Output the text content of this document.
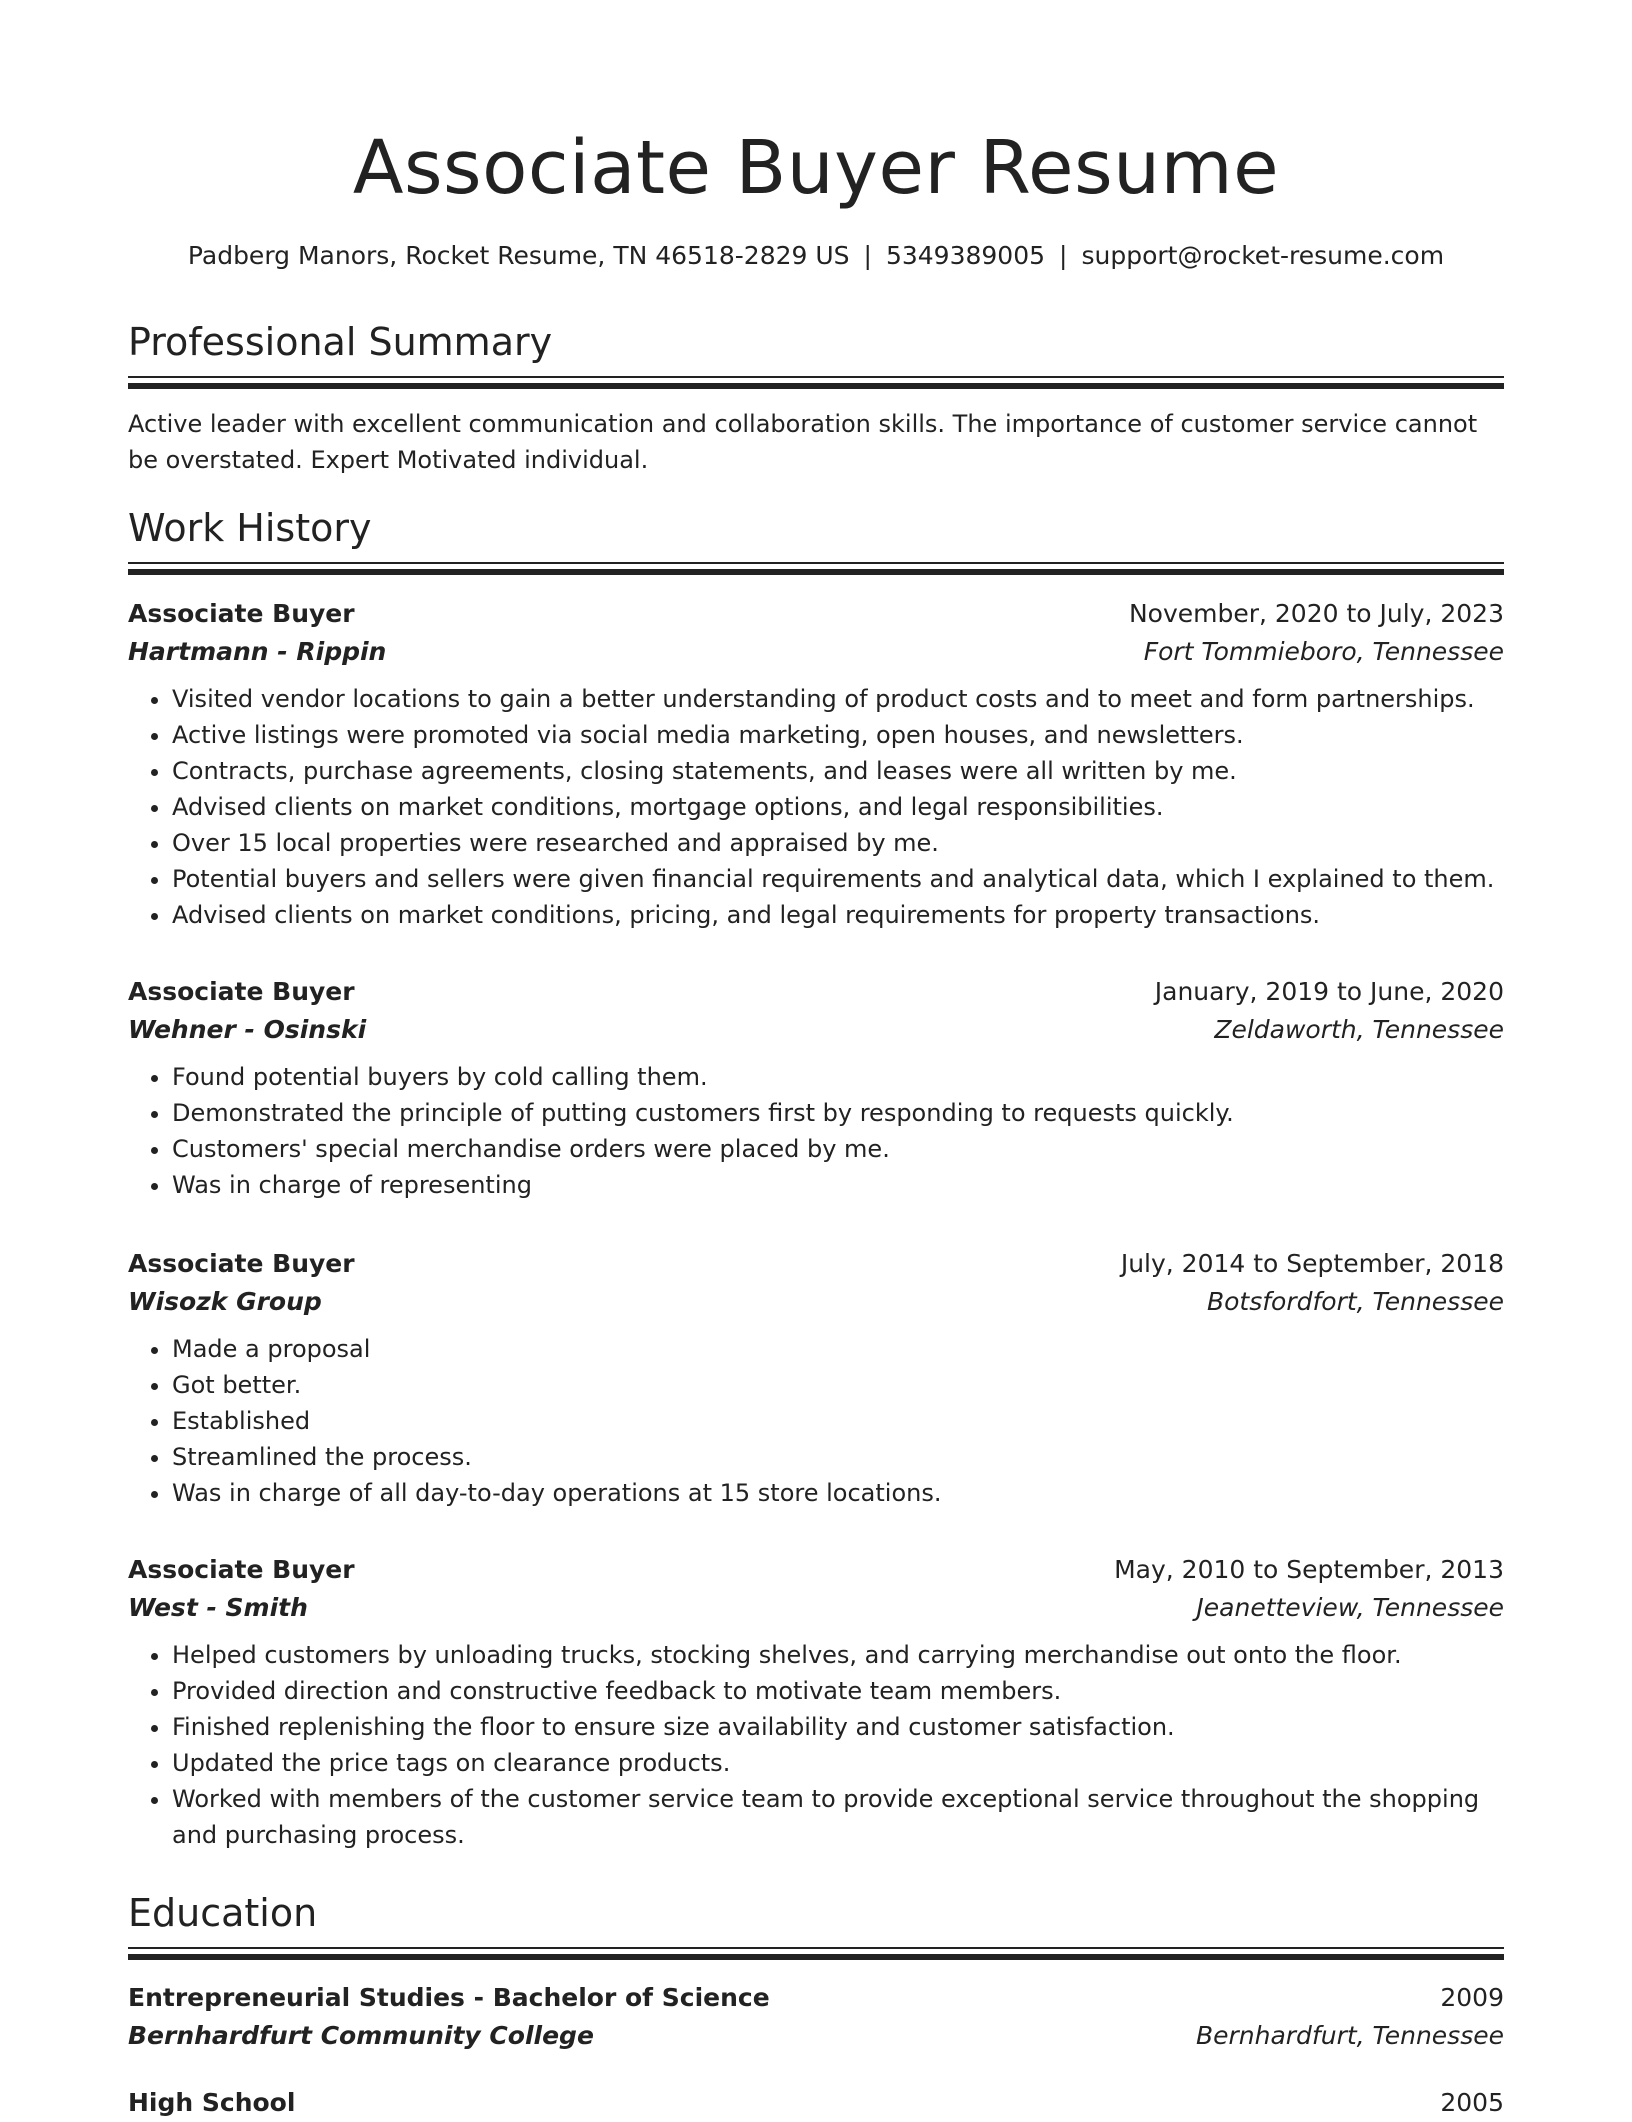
Associate Buyer Resume
Padberg Manors, Rocket Resume, TN 46518-2829 US | 5349389005 | support@rocket-resume.com
Professional Summary
Active leader with excellent communication and collaboration skills. The importance of customer service cannot be overstated. Expert Motivated individual.
Work History
Associate Buyer	November, 2020 to July, 2023
Hartmann - Rippin	Fort Tommieboro, Tennessee
• Visited vendor locations to gain a better understanding of product costs and to meet and form partnerships.
• Active listings were promoted via social media marketing, open houses, and newsletters.
• Contracts, purchase agreements, closing statements, and leases were all written by me.
• Advised clients on market conditions, mortgage options, and legal responsibilities.
• Over 15 local properties were researched and appraised by me.
• Potential buyers and sellers were given financial requirements and analytical data, which I explained to them.
• Advised clients on market conditions, pricing, and legal requirements for property transactions.
Associate Buyer	January, 2019 to June, 2020
Wehner - Osinski	Zeldaworth, Tennessee
• Found potential buyers by cold calling them.
• Demonstrated the principle of putting customers first by responding to requests quickly.
• Customers' special merchandise orders were placed by me.
• Was in charge of representing
Associate Buyer	July, 2014 to September, 2018
Wisozk Group	Botsfordfort, Tennessee
• Made a proposal
• Got better.
• Established
• Streamlined the process.
• Was in charge of all day-to-day operations at 15 store locations.
Associate Buyer	May, 2010 to September, 2013
West - Smith	Jeanetteview, Tennessee
• Helped customers by unloading trucks, stocking shelves, and carrying merchandise out onto the floor.
• Provided direction and constructive feedback to motivate team members.
• Finished replenishing the floor to ensure size availability and customer satisfaction.
• Updated the price tags on clearance products.
• Worked with members of the customer service team to provide exceptional service throughout the shopping and purchasing process.
Education
Entrepreneurial Studies - Bachelor of Science	2009
Bernhardfurt Community College	Bernhardfurt, Tennessee
High School	2005
